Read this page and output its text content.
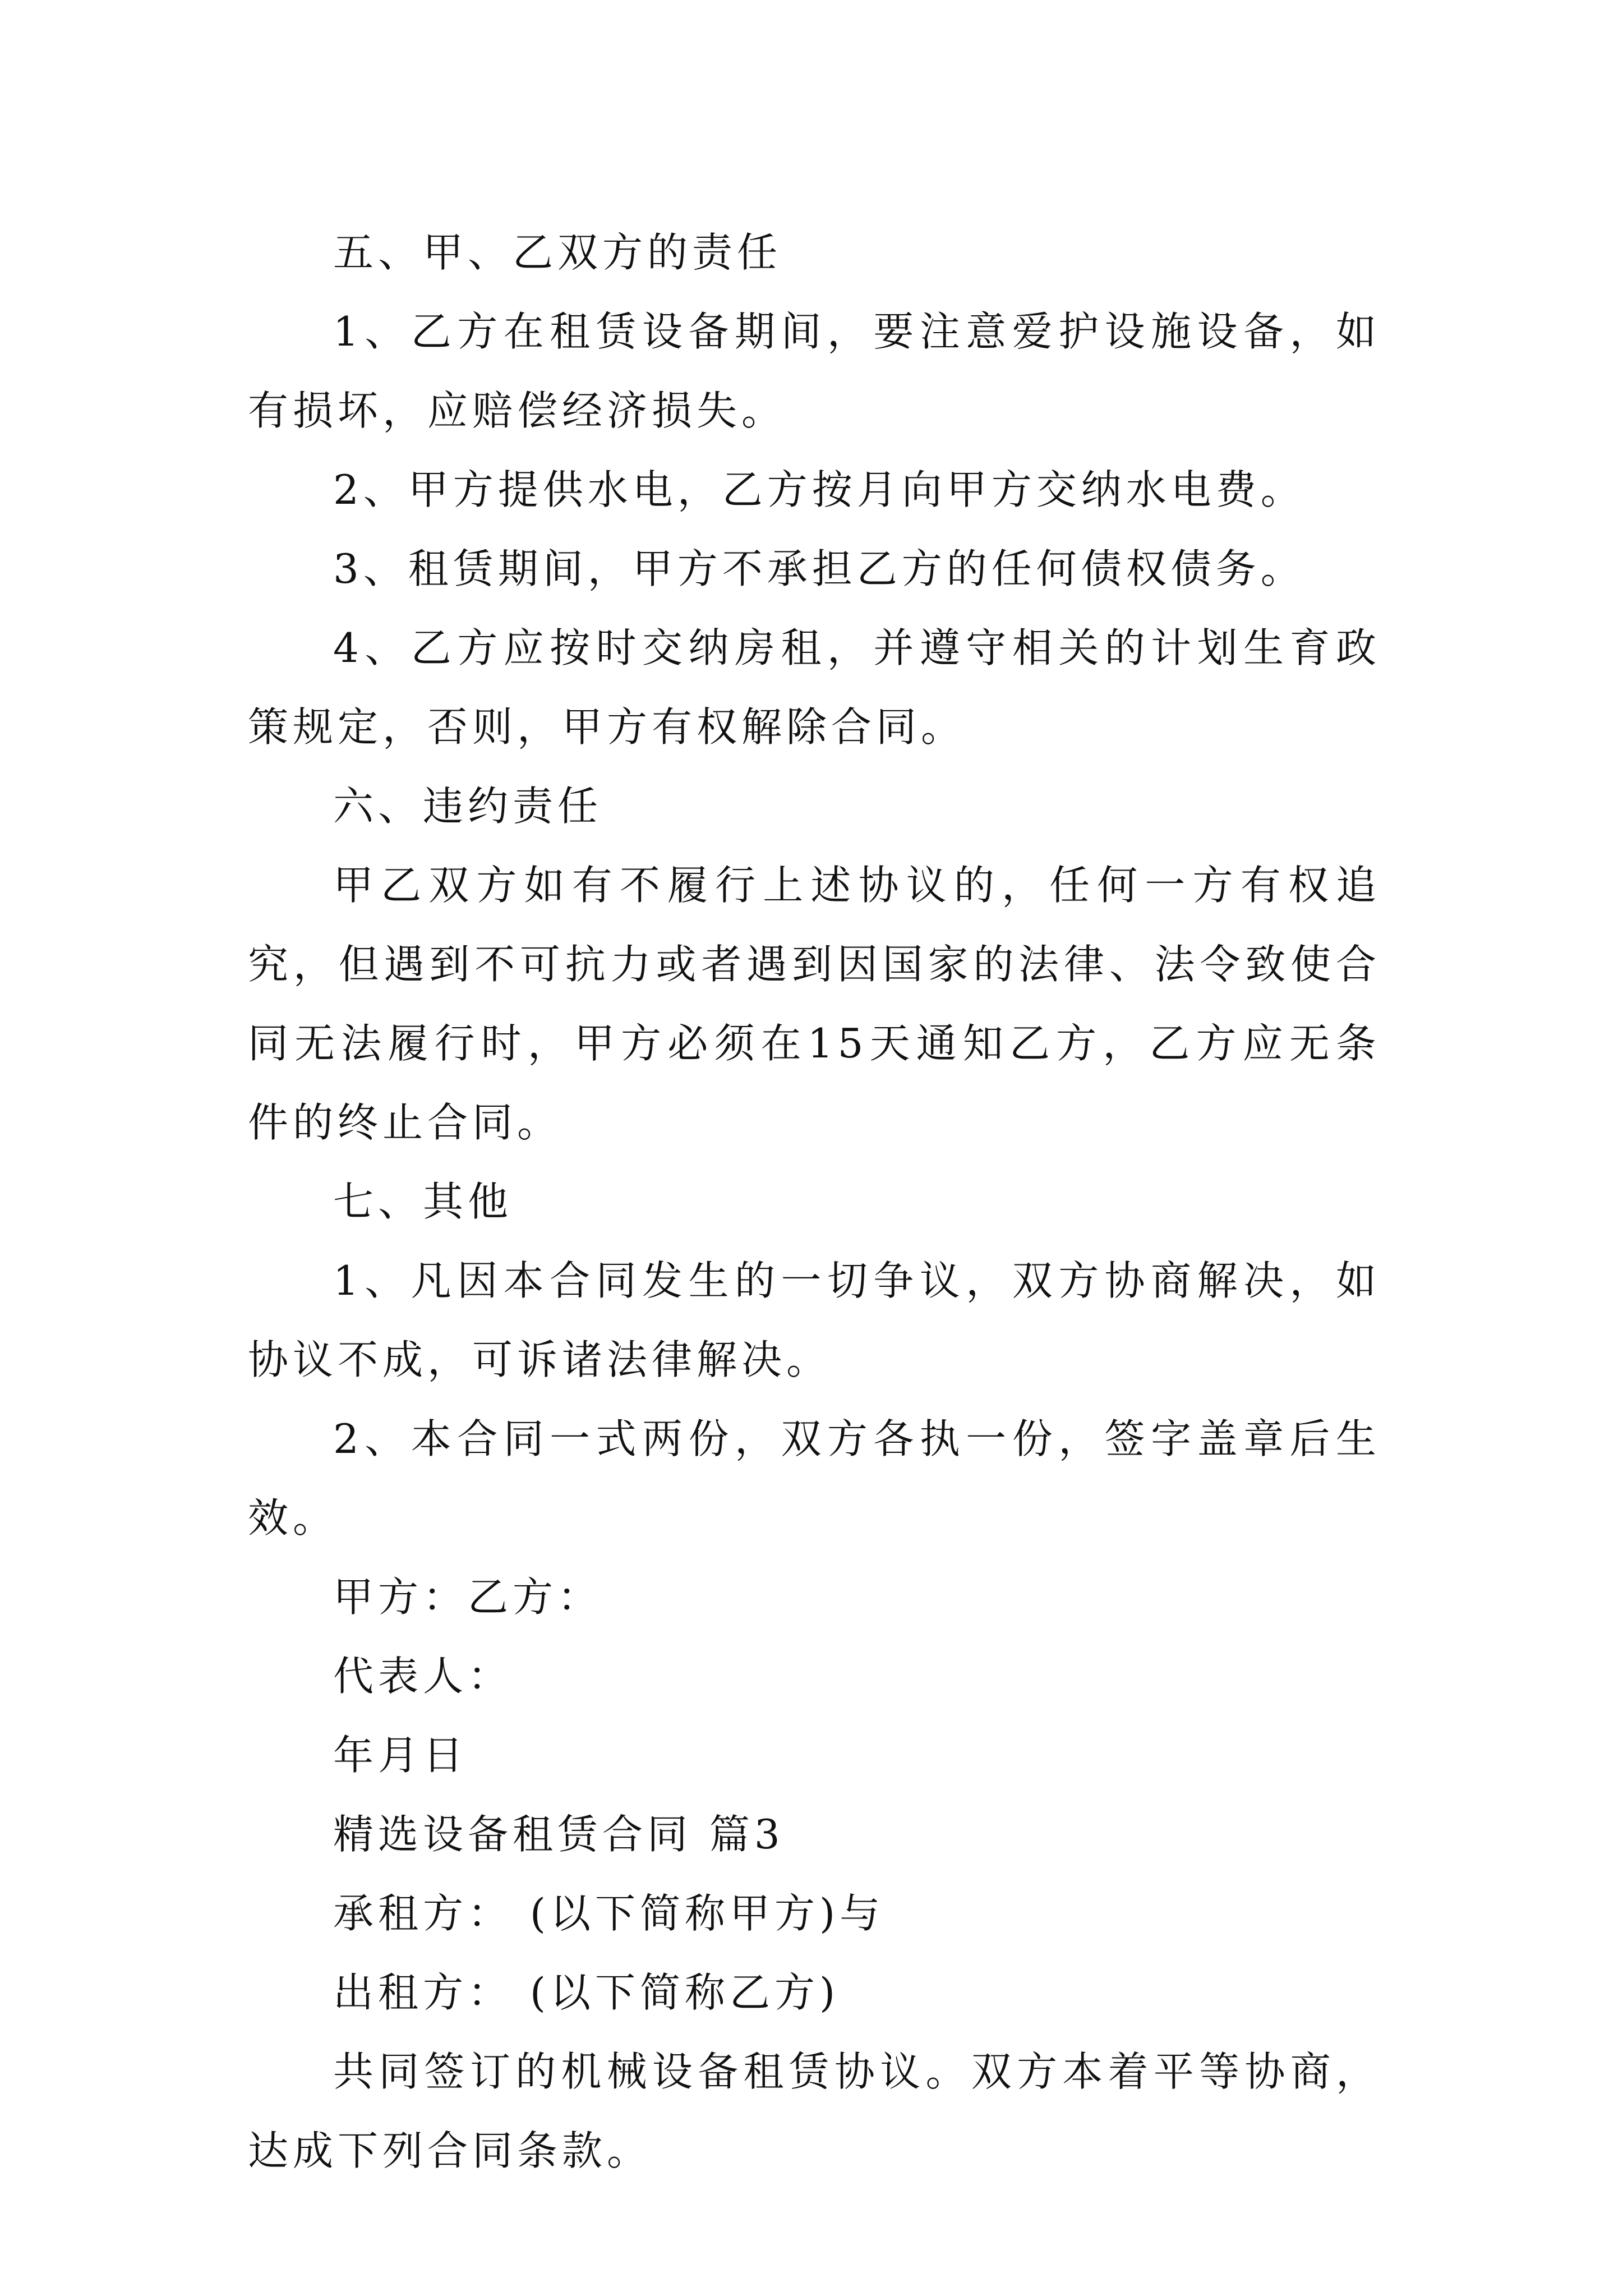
五、甲、乙双方的责任

1、乙方在租赁设备期间，要注意爱护设施设备，如有损坏，应赔偿经济损失。

2、甲方提供水电，乙方按月向甲方交纳水电费。

3、租赁期间，甲方不承担乙方的任何债权债务。

4、乙方应按时交纳房租，并遵守相关的计划生育政策规定，否则，甲方有权解除合同。

六、违约责任

甲乙双方如有不履行上述协议的，任何一方有权追究，但遇到不可抗力或者遇到因国家的法律、法令致使合同无法履行时，甲方必须在15天通知乙方，乙方应无条件的终止合同。

七、其他

1、凡因本合同发生的一切争议，双方协商解决，如协议不成，可诉诸法律解决。

2、本合同一式两份，双方各执一份，签字盖章后生效。

甲方：乙方：

代表人：

年月日

精选设备租赁合同 篇3

承租方： (以下简称甲方)与

出租方： (以下简称乙方)

共同签订的机械设备租赁协议。双方本着平等协商，达成下列合同条款。
